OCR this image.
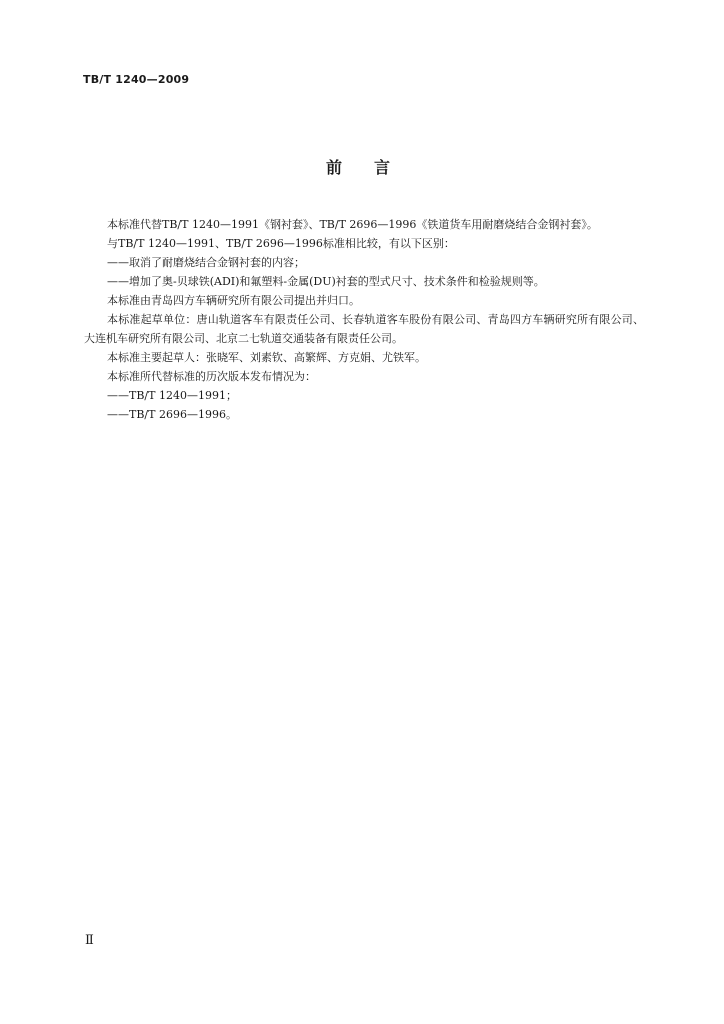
TB/T 1240—2009
前言

本标准代替TB/T 1240—1991《钢衬套》、TB/T 2696—1996《铁道货车用耐磨烧结合金钢衬套》。

与TB/T 1240—1991、TB/T 2696—1996标准相比较，有以下区别：

——取消了耐磨烧结合金钢衬套的内容；

——增加了奥-贝球铁(ADI)和氟塑料-金属(DU)衬套的型式尺寸、技术条件和检验规则等。

本标准由青岛四方车辆研究所有限公司提出并归口。

本标准起草单位：唐山轨道客车有限责任公司、长春轨道客车股份有限公司、青岛四方车辆研究所有限公司、大连机车研究所有限公司、北京二七轨道交通装备有限责任公司。

本标准主要起草人：张晓军、刘素钦、高繁辉、方克娟、尤铁军。

本标准所代替标准的历次版本发布情况为：

——TB/T 1240—1991；

——TB/T 2696—1996。

Ⅱ
